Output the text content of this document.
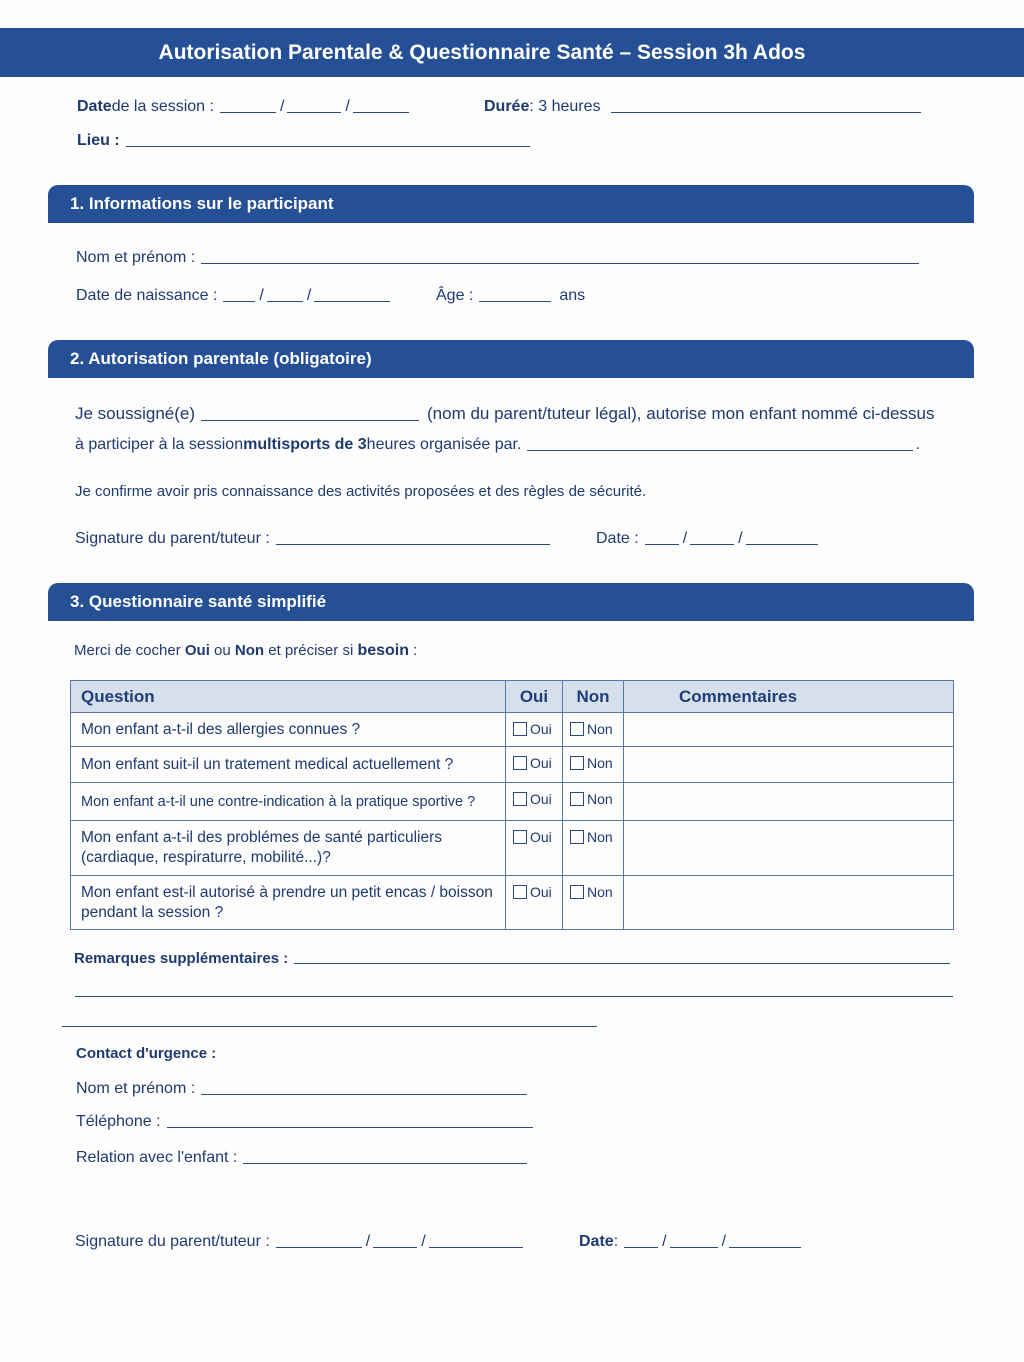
Autorisation Parentale & Questionnaire Santé – Session 3h Ados
Date de la session :	/	/	Durée : 3 heures
Lieu :
1. Informations sur le participant
Nom et prénom :
Date de naissance :	/	/	Âge :	ans
2. Autorisation parentale (obligatoire)
Je soussigné(e)	(nom du parent/tuteur légal), autorise mon enfant nommé ci-dessus
à participer à la session multisports de 3 heures organisée par.	.
Je confirme avoir pris connaissance des activités proposées et des règles de sécurité.
Signature du parent/tuteur :	Date :	/	/
3. Questionnaire santé simplifié
Merci de cocher Oui ou Non et préciser si besoin :
Question	Oui	Non	Commentaires
Mon enfant a-t-il des allergies connues ?	Oui	Non	
Mon enfant suit-il un tratement medical actuellement ?	Oui	Non	
Mon enfant a-t-il une contre-indication à la pratique sportive ?	Oui	Non	
Mon enfant a-t-il des problémes de santé particuliers (cardiaque, respiraturre, mobilité...)?	Oui	Non	
Mon enfant est-il autorisé à prendre un petit encas / boisson pendant la session ?	Oui	Non	
Remarques supplémentaires :
Contact d'urgence :
Nom et prénom :
Téléphone :
Relation avec l'enfant :
Signature du parent/tuteur :	/	/	Date :	/	/
